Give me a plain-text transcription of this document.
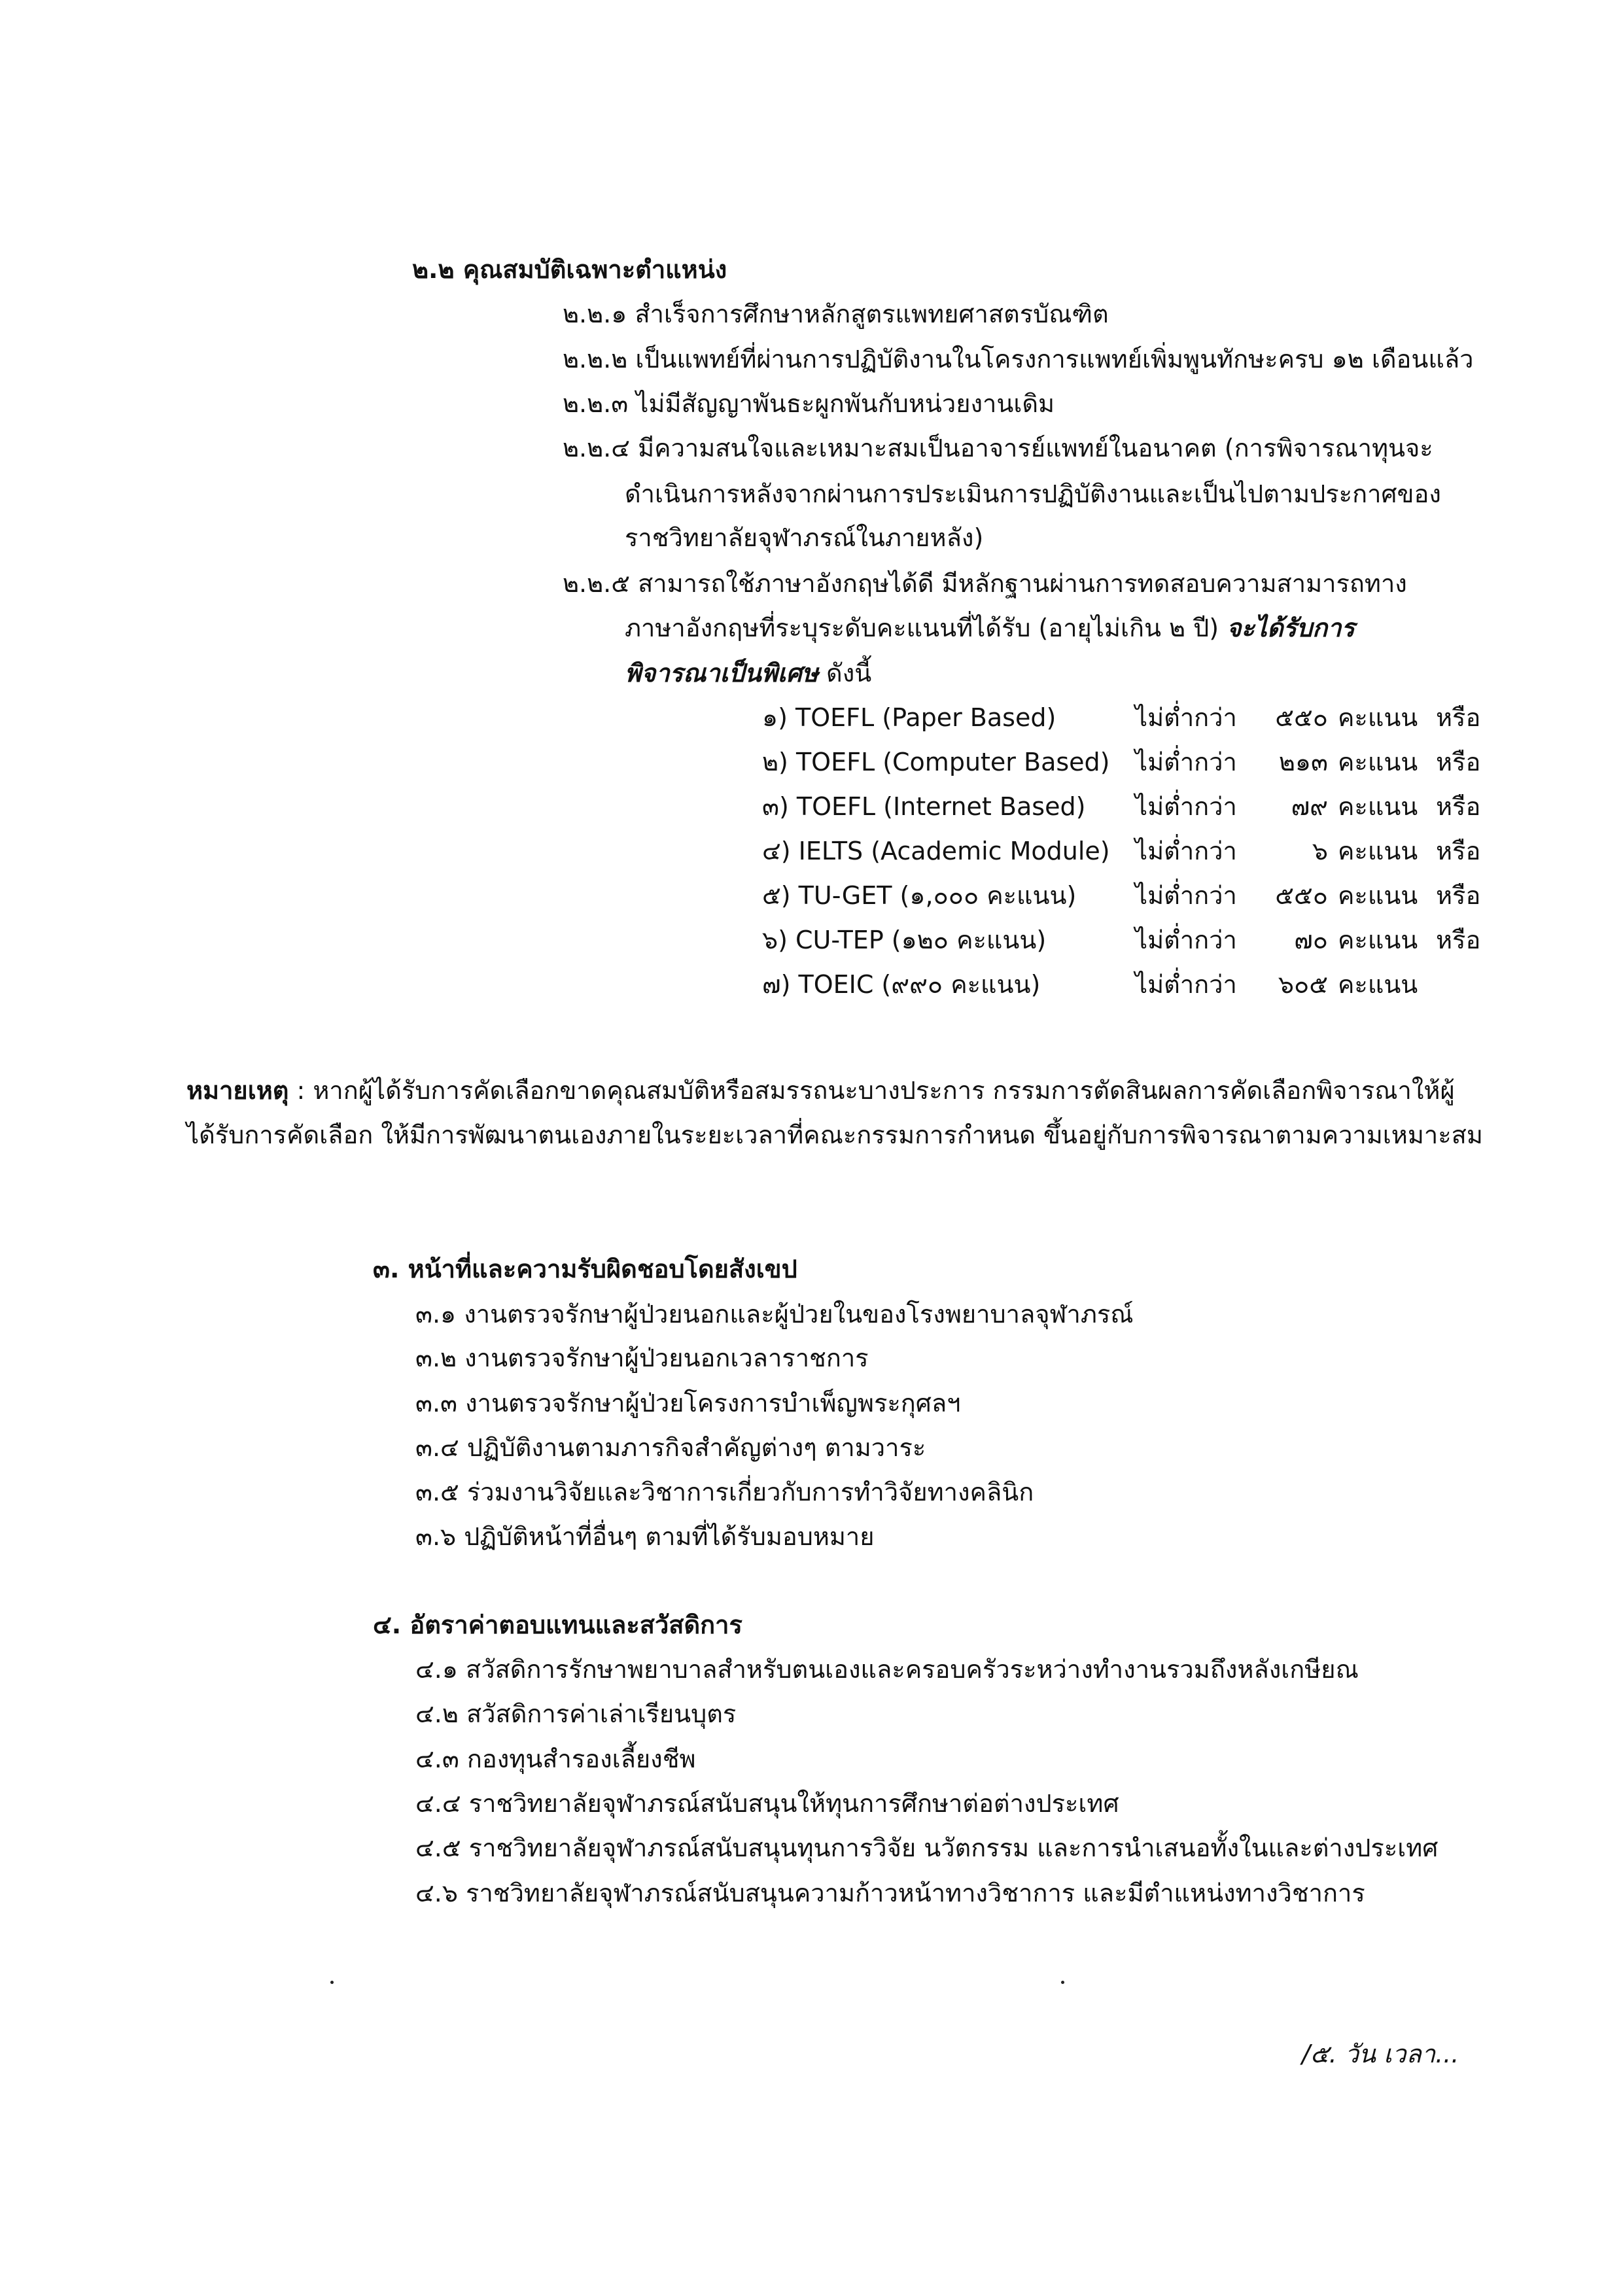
๒.๒ คุณสมบัติเฉพาะตำแหน่ง
๒.๒.๑ สำเร็จการศึกษาหลักสูตรแพทยศาสตรบัณฑิต
๒.๒.๒ เป็นแพทย์ที่ผ่านการปฏิบัติงานในโครงการแพทย์เพิ่มพูนทักษะครบ ๑๒ เดือนแล้ว
๒.๒.๓ ไม่มีสัญญาพันธะผูกพันกับหน่วยงานเดิม
๒.๒.๔ มีความสนใจและเหมาะสมเป็นอาจารย์แพทย์ในอนาคต (การพิจารณาทุนจะ
ดำเนินการหลังจากผ่านการประเมินการปฏิบัติงานและเป็นไปตามประกาศของ
ราชวิทยาลัยจุฬาภรณ์ในภายหลัง)
๒.๒.๕ สามารถใช้ภาษาอังกฤษได้ดี มีหลักฐานผ่านการทดสอบความสามารถทาง
ภาษาอังกฤษที่ระบุระดับคะแนนที่ได้รับ (อายุไม่เกิน ๒ ปี) จะได้รับการ
พิจารณาเป็นพิเศษ ดังนี้
๑) TOEFL (Paper Based)	ไม่ต่ำกว่า	๕๕๐ คะแนน หรือ
๒) TOEFL (Computer Based) ไม่ต่ำกว่า	๒๑๓ คะแนน หรือ
๓) TOEFL (Internet Based) ไม่ต่ำกว่า	๗๙ คะแนน หรือ
๔) IELTS (Academic Module) ไม่ต่ำกว่า	๖ คะแนน หรือ
๕) TU-GET (๑,๐๐๐ คะแนน) ไม่ต่ำกว่า	๕๕๐ คะแนน หรือ
๖) CU-TEP (๑๒๐ คะแนน)	ไม่ต่ำกว่า	๗๐ คะแนน หรือ
๗) TOEIC (๙๙๐ คะแนน)	ไม่ต่ำกว่า	๖๐๕ คะแนน
หมายเหตุ : หากผู้ได้รับการคัดเลือกขาดคุณสมบัติหรือสมรรถนะบางประการ กรรมการตัดสินผลการคัดเลือกพิจารณาให้ผู้
ได้รับการคัดเลือก ให้มีการพัฒนาตนเองภายในระยะเวลาที่คณะกรรมการกำหนด ขึ้นอยู่กับการพิจารณาตามความเหมาะสม
๓. หน้าที่และความรับผิดชอบโดยสังเขป
๓.๑ งานตรวจรักษาผู้ป่วยนอกและผู้ป่วยในของโรงพยาบาลจุฬาภรณ์
๓.๒ งานตรวจรักษาผู้ป่วยนอกเวลาราชการ
๓.๓ งานตรวจรักษาผู้ป่วยโครงการบำเพ็ญพระกุศลฯ
๓.๔ ปฏิบัติงานตามภารกิจสำคัญต่างๆ ตามวาระ
๓.๕ ร่วมงานวิจัยและวิชาการเกี่ยวกับการทำวิจัยทางคลินิก
๓.๖ ปฏิบัติหน้าที่อื่นๆ ตามที่ได้รับมอบหมาย
๔. อัตราค่าตอบแทนและสวัสดิการ
๔.๑ สวัสดิการรักษาพยาบาลสำหรับตนเองและครอบครัวระหว่างทำงานรวมถึงหลังเกษียณ
๔.๒ สวัสดิการค่าเล่าเรียนบุตร
๔.๓ กองทุนสำรองเลี้ยงชีพ
๔.๔ ราชวิทยาลัยจุฬาภรณ์สนับสนุนให้ทุนการศึกษาต่อต่างประเทศ
๔.๕ ราชวิทยาลัยจุฬาภรณ์สนับสนุนทุนการวิจัย นวัตกรรม และการนำเสนอทั้งในและต่างประเทศ
๔.๖ ราชวิทยาลัยจุฬาภรณ์สนับสนุนความก้าวหน้าทางวิชาการ และมีตำแหน่งทางวิชาการ
/๕. วัน เวลา...
